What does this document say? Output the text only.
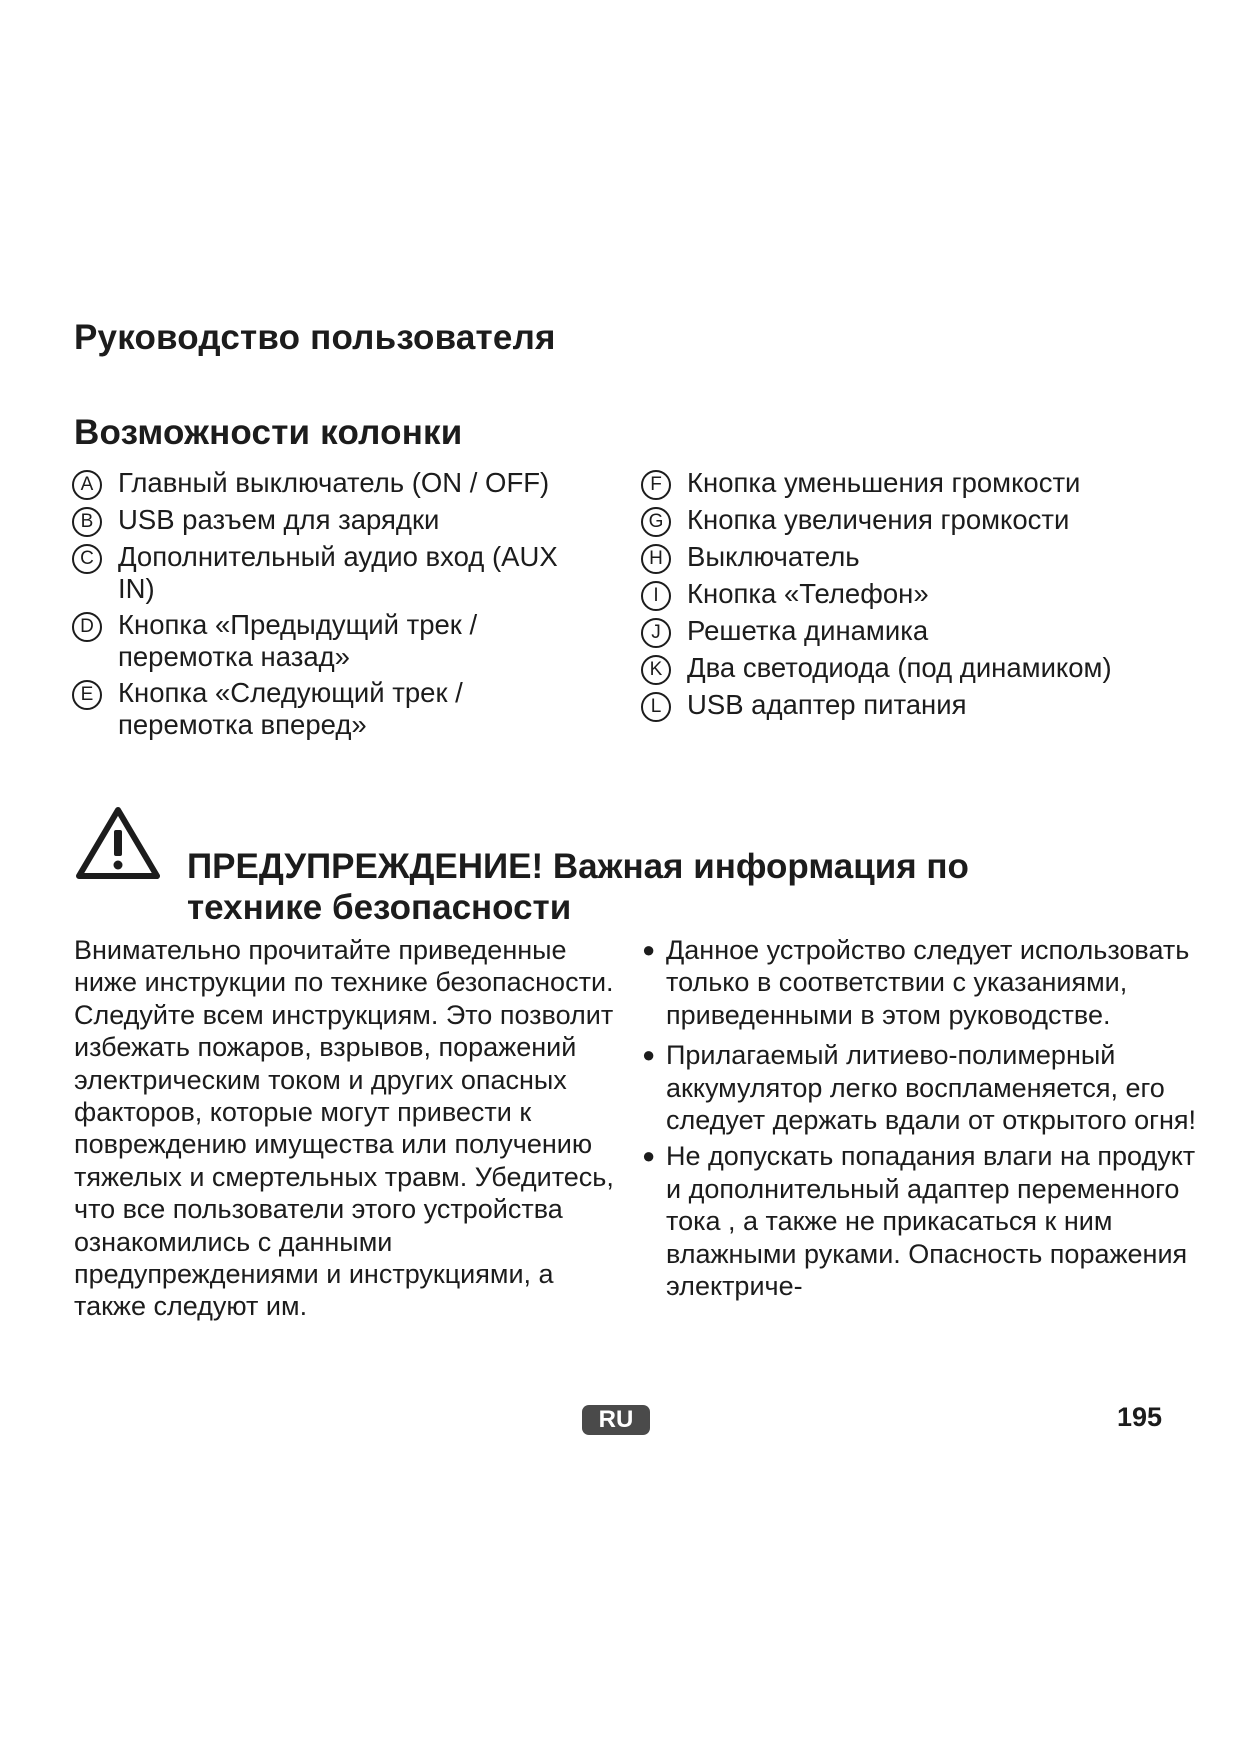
Руководство пользователя
Возможности колонки
A Главный выключатель (ON / OFF)
B USB разъем для зарядки
C Дополнительный аудио вход (AUX IN)
D Кнопка «Предыдущий трек / перемотка назад»
E Кнопка «Следующий трек / перемотка вперед»
F Кнопка уменьшения громкости
G Кнопка увеличения громкости
H Выключатель
I	Кнопка «Телефон»
J Решетка динамика
K Два светодиода (под динамиком)
L USB адаптер питания
ПРЕДУПРЕЖДЕНИЕ! Важная информация по технике безопасности
Внимательно прочитайте приведенные ниже инструкции по технике безопасности. Следуйте всем инструкциям. Это позволит избежать пожаров, взрывов, поражений электрическим током и других опасных факторов, которые могут привести к повреждению имущества или получению тяжелых и смертельных травм. Убедитесь, что все пользователи этого устройства ознакомились с данными предупреждениями и инструкциями, а также следуют им.
● Данное устройство следует использовать только в соответствии с указаниями, приведенными в этом руководстве.
● Прилагаемый литиево-полимерный аккумулятор легко воспламеняется, его следует держать вдали от открытого огня!
● Не допускать попадания влаги на продукт и дополнительный адаптер переменного тока , а также не прикасаться к ним влажными руками. Опасность поражения электриче-
RU	195
